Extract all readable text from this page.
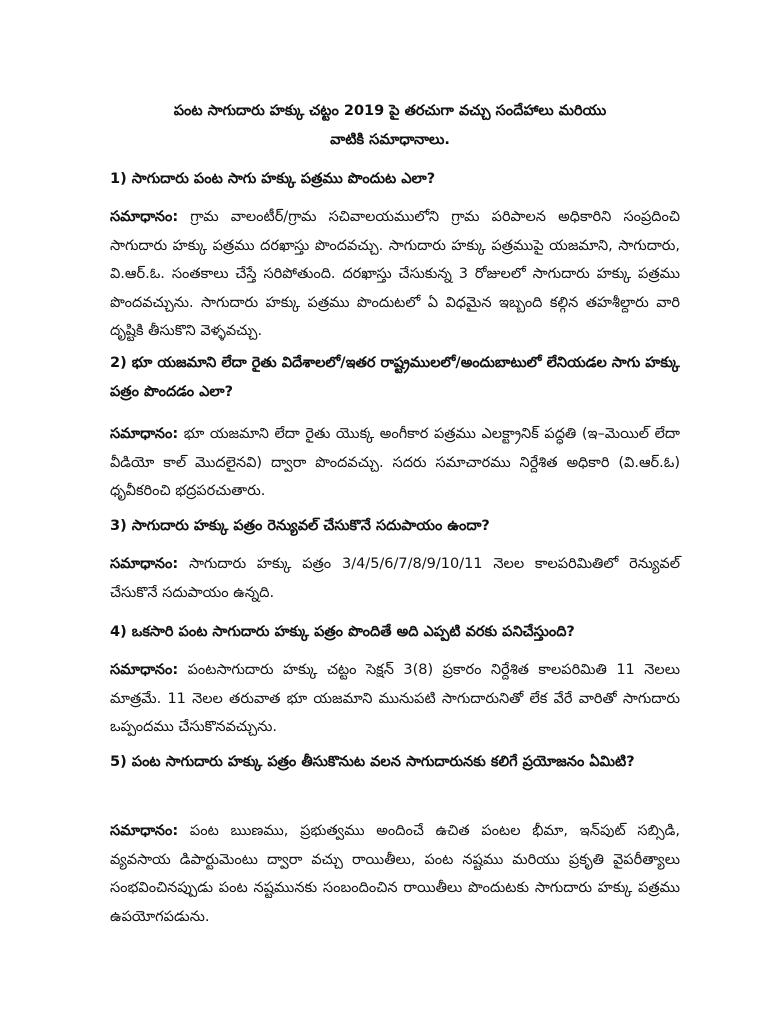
పంట సాగుదారు హక్కు చట్టం 2019 పై తరచుగా వచ్చు సందేహాలు మరియు
వాటికి సమాధానాలు.
1) సాగుదారు పంట సాగు హక్కు పత్రము పొందుట ఎలా?
సమాధానం: గ్రామ వాలంటీర్/గ్రామ సచివాలయములోని గ్రామ పరిపాలన అధికారిని సంప్రదించి సాగుదారు హక్కు పత్రము దరఖాస్తు పొందవచ్చు. సాగుదారు హక్కు పత్రముపై యజమాని, సాగుదారు, వి.ఆర్.ఓ. సంతకాలు చేస్తే సరిపోతుంది. దరఖాస్తు చేసుకున్న 3 రోజులలో సాగుదారు హక్కు పత్రము పొందవచ్చును. సాగుదారు హక్కు పత్రము పొందుటలో ఏ విధమైన ఇబ్బంది కల్గిన తహశీల్దారు వారి దృష్టికి తీసుకొని వెళ్ళవచ్చు.
2) భూ యజమాని లేదా రైతు విదేశాలలో/ఇతర రాష్ట్రములలో/అందుబాటులో లేనియడల సాగు హక్కు పత్రం పొందడం ఎలా?
సమాధానం: భూ యజమాని లేదా రైతు యొక్క అంగీకార పత్రము ఎలక్ట్రానిక్ పద్ధతి (ఇ–మెయిల్ లేదా వీడియో కాల్ మొదలైనవి) ద్వారా పొందవచ్చు. సదరు సమాచారము నిర్దేశిత అధికారి (వి.ఆర్.ఓ) ధృవీకరించి భద్రపరచుతారు.
3) సాగుదారు హక్కు పత్రం రెన్యువల్ చేసుకొనే సదుపాయం ఉందా?
సమాధానం: సాగుదారు హక్కు పత్రం 3/4/5/6/7/8/9/10/11 నెలల కాలపరిమితిలో రెన్యువల్ చేసుకొనే సదుపాయం ఉన్నది.
4) ఒకసారి పంట సాగుదారు హక్కు పత్రం పొందితే అది ఎప్పటి వరకు పనిచేస్తుంది?
సమాధానం: పంటసాగుదారు హక్కు చట్టం సెక్షన్ 3(8) ప్రకారం నిర్దేశిత కాలపరిమితి 11 నెలలు మాత్రమే. 11 నెలల తరువాత భూ యజమాని మునుపటి సాగుదారునితో లేక వేరే వారితో సాగుదారు ఒప్పందము చేసుకొనవచ్చును.
5) పంట సాగుదారు హక్కు పత్రం తీసుకొనుట వలన సాగుదారునకు కలిగే ప్రయోజనం ఏమిటి?
సమాధానం: పంట ఋణము, ప్రభుత్వము అందించే ఉచిత పంటల భీమా, ఇన్‌పుట్ సబ్సిడి, వ్యవసాయ డిపార్టుమెంటు ద్వారా వచ్చు రాయితీలు, పంట నష్టము మరియు ప్రకృతి వైపరీత్యాలు సంభవించినప్పుడు పంట నష్టమునకు సంబందించిన రాయితీలు పొందుటకు సాగుదారు హక్కు పత్రము ఉపయోగపడును.
